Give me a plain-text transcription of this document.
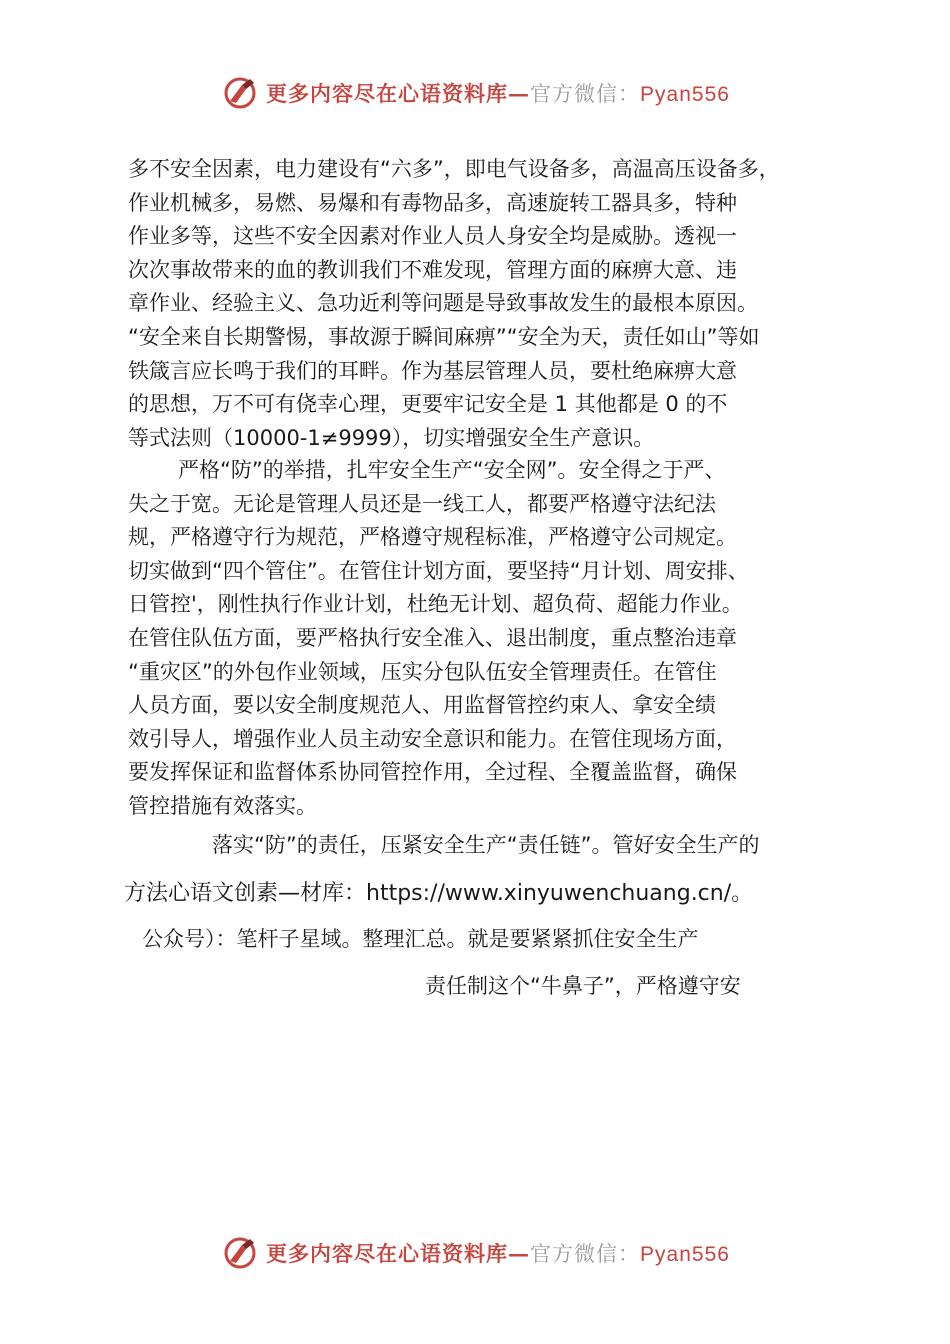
更多内容尽在心语资料库—官方微信：Pyan556
多不安全因素，电力建设有“六多”，即电气设备多，高温高压设备多，
作业机械多，易燃、易爆和有毒物品多，高速旋转工器具多，特种
作业多等，这些不安全因素对作业人员人身安全均是威胁。透视一
次次事故带来的血的教训我们不难发现，管理方面的麻痹大意、违
章作业、经验主义、急功近利等问题是导致事故发生的最根本原因。
“安全来自长期警惕，事故源于瞬间麻痹”“安全为天，责任如山”等如
铁箴言应长鸣于我们的耳畔。作为基层管理人员，要杜绝麻痹大意
的思想，万不可有侥幸心理，更要牢记安全是 1 其他都是 0 的不
等式法则（10000-1≠9999），切实增强安全生产意识。
严格“防”的举措，扎牢安全生产“安全网”。安全得之于严、
失之于宽。无论是管理人员还是一线工人，都要严格遵守法纪法
规，严格遵守行为规范，严格遵守规程标准，严格遵守公司规定。
切实做到“四个管住”。在管住计划方面，要坚持“月计划、周安排、
日管控'，刚性执行作业计划，杜绝无计划、超负荷、超能力作业。
在管住队伍方面，要严格执行安全准入、退出制度，重点整治违章
“重灾区”的外包作业领域，压实分包队伍安全管理责任。在管住
人员方面，要以安全制度规范人、用监督管控约束人、拿安全绩
效引导人，增强作业人员主动安全意识和能力。在管住现场方面，
要发挥保证和监督体系协同管控作用，全过程、全覆盖监督，确保
管控措施有效落实。
落实“防”的责任，压紧安全生产“责任链”。管好安全生产的
方法心语文创素—材库：https://www.xinyuwenchuang.cn/。
公众号）：笔杆子星域。整理汇总。就是要紧紧抓住安全生产
责任制这个“牛鼻子”，严格遵守安
更多内容尽在心语资料库—官方微信：Pyan556
